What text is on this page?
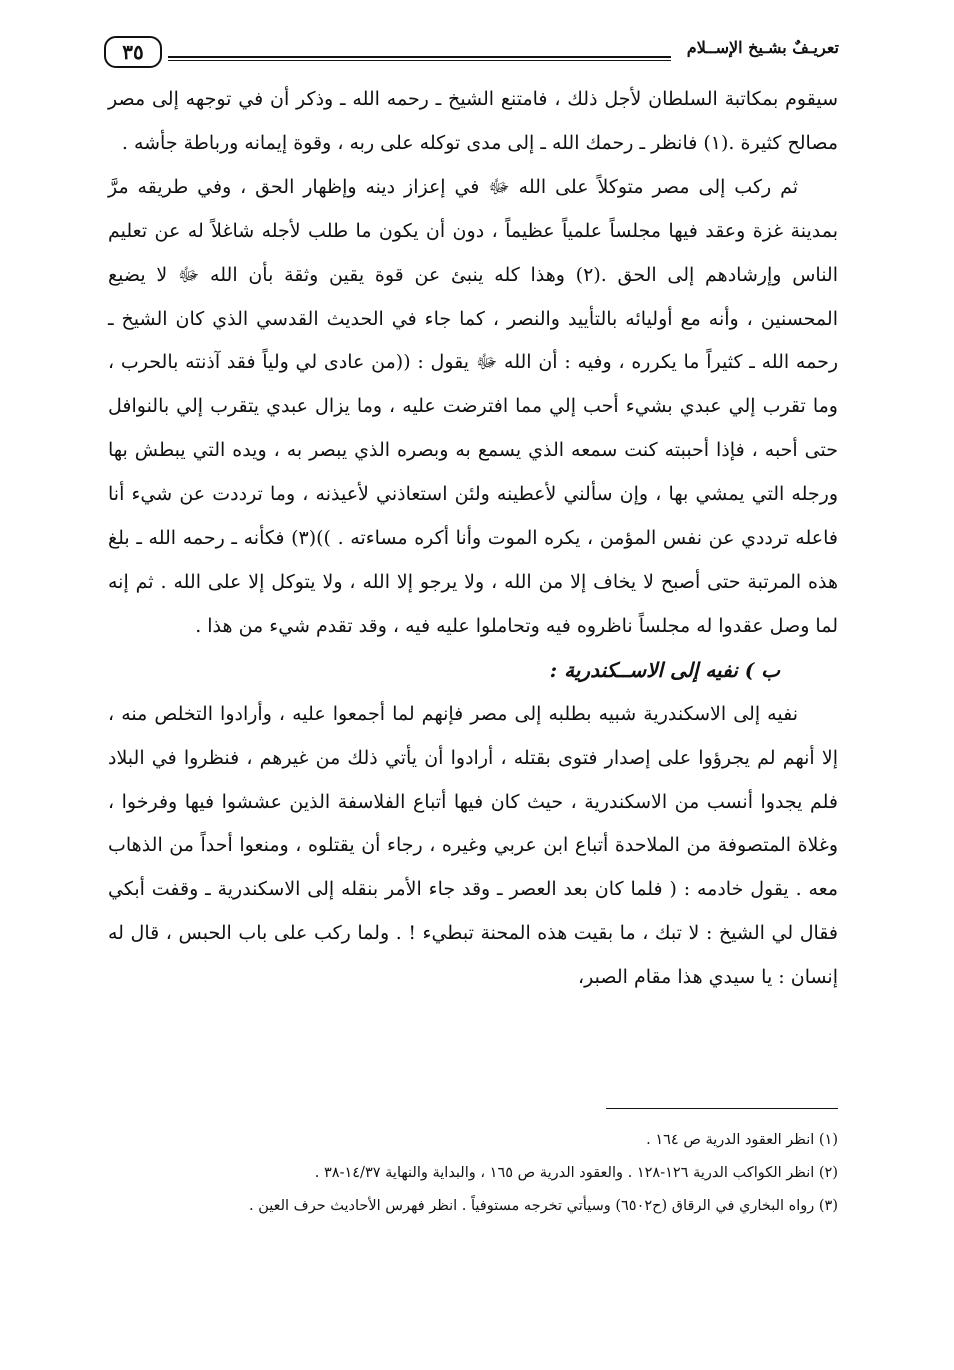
٣٥	تعريـفٌ بشـيخ الإســلام

سيقوم بمكاتبة السلطان لأجل ذلك ، فامتنع الشيخ ـ رحمه الله ـ وذكر أن في توجهه إلى مصر مصالح كثيرة .(١) فانظر ـ رحمك الله ـ إلى مدى توكله على ربه ، وقوة إيمانه ورباطة جأشه .

ثم ركب إلى مصر متوكلاً على الله ﷻ في إعزاز دينه وإظهار الحق ، وفي طريقه مرَّ بمدينة غزة وعقد فيها مجلساً علمياً عظيماً ، دون أن يكون ما طلب لأجله شاغلاً له عن تعليم الناس وإرشادهم إلى الحق .(٢) وهذا كله ينبئ عن قوة يقين وثقة بأن الله ﷻ لا يضيع المحسنين ، وأنه مع أوليائه بالتأييد والنصر ، كما جاء في الحديث القدسي الذي كان الشيخ ـ رحمه الله ـ كثيراً ما يكرره ، وفيه : أن الله ﷻ يقول : ((من عادى لي ولياً فقد آذنته بالحرب ، وما تقرب إلي عبدي بشيء أحب إلي مما افترضت عليه ، وما يزال عبدي يتقرب إلي بالنوافل حتى أحبه ، فإذا أحببته كنت سمعه الذي يسمع به وبصره الذي يبصر به ، ويده التي يبطش بها ورجله التي يمشي بها ، وإن سألني لأعطينه ولئن استعاذني لأعيذنه ، وما ترددت عن شيء أنا فاعله ترددي عن نفس المؤمن ، يكره الموت وأنا أكره مساءته . ))(٣) فكأنه ـ رحمه الله ـ بلغ هذه المرتبة حتى أصبح لا يخاف إلا من الله ، ولا يرجو إلا الله ، ولا يتوكل إلا على الله . ثم إنه لما وصل عقدوا له مجلساً ناظروه فيه وتحاملوا عليه فيه ، وقد تقدم شيء من هذا .

ب ) نفيه إلى الاســكندرية :

نفيه إلى الاسكندرية شبيه بطلبه إلى مصر فإنهم لما أجمعوا عليه ، وأرادوا التخلص منه ، إلا أنهم لم يجرؤوا على إصدار فتوى بقتله ، أرادوا أن يأتي ذلك من غيرهم ، فنظروا في البلاد فلم يجدوا أنسب من الاسكندرية ، حيث كان فيها أتباع الفلاسفة الذين عششوا فيها وفرخوا ، وغلاة المتصوفة من الملاحدة أتباع ابن عربي وغيره ، رجاء أن يقتلوه ، ومنعوا أحداً من الذهاب معه . يقول خادمه : ( فلما كان بعد العصر ـ وقد جاء الأمر بنقله إلى الاسكندرية ـ وقفت أبكي فقال لي الشيخ : لا تبك ، ما بقيت هذه المحنة تبطيء ! . ولما ركب على باب الحبس ، قال له إنسان : يا سيدي هذا مقام الصبر،

(١) انظر العقود الدرية ص ١٦٤ .
(٢) انظر الكواكب الدرية ١٢٦-١٢٨ . والعقود الدرية ص ١٦٥ ، والبداية والنهاية ١٤/٣٧-٣٨ .
(٣) رواه البخاري في الرقاق (ح٦٥٠٢) وسيأتي تخرجه مستوفياً . انظر فهرس الأحاديث حرف العين .
